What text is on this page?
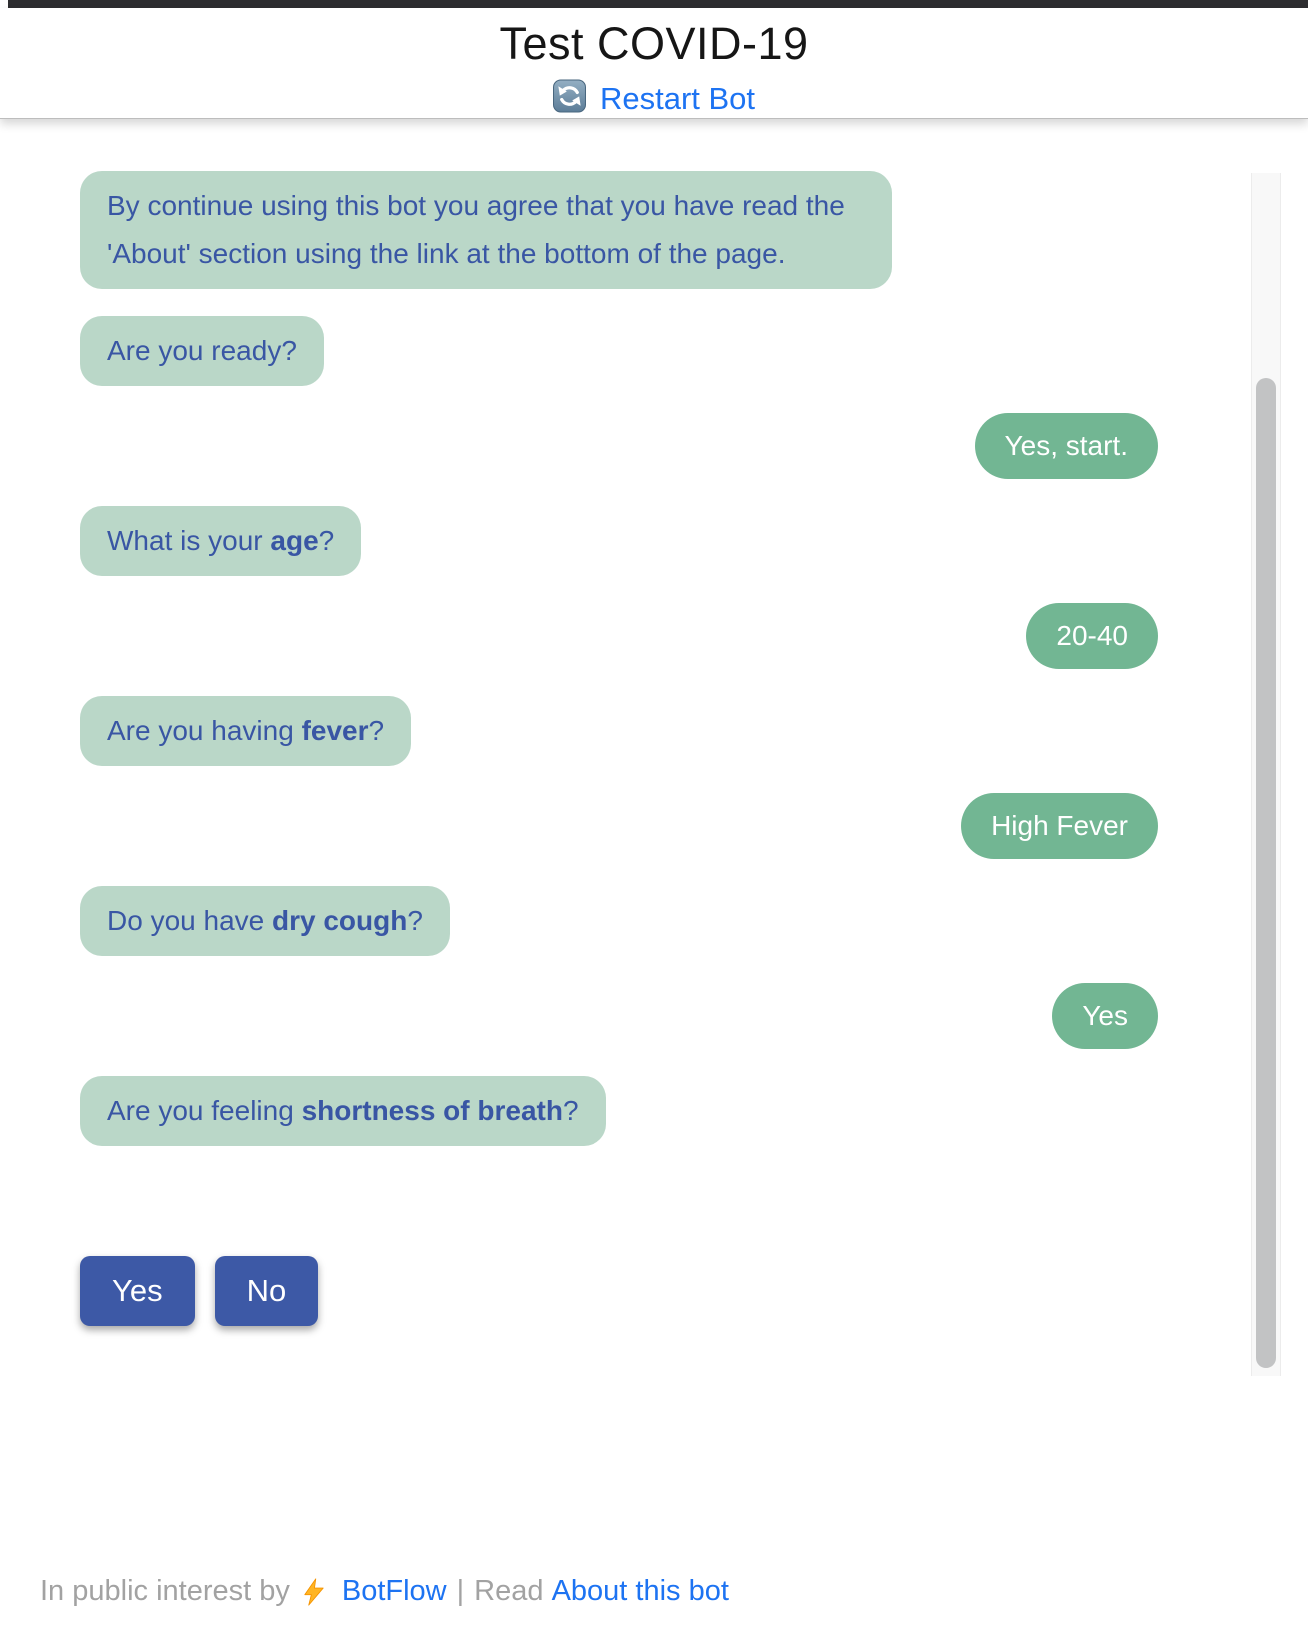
Test COVID-19
Restart Bot
By continue using this bot you agree that you have read the 'About' section using the link at the bottom of the page.
Are you ready?
Yes, start.
What is your age?
20-40
Are you having fever?
High Fever
Do you have dry cough?
Yes
Are you feeling shortness of breath?
Yes	No
In public interest by BotFlow | Read
About this bot
